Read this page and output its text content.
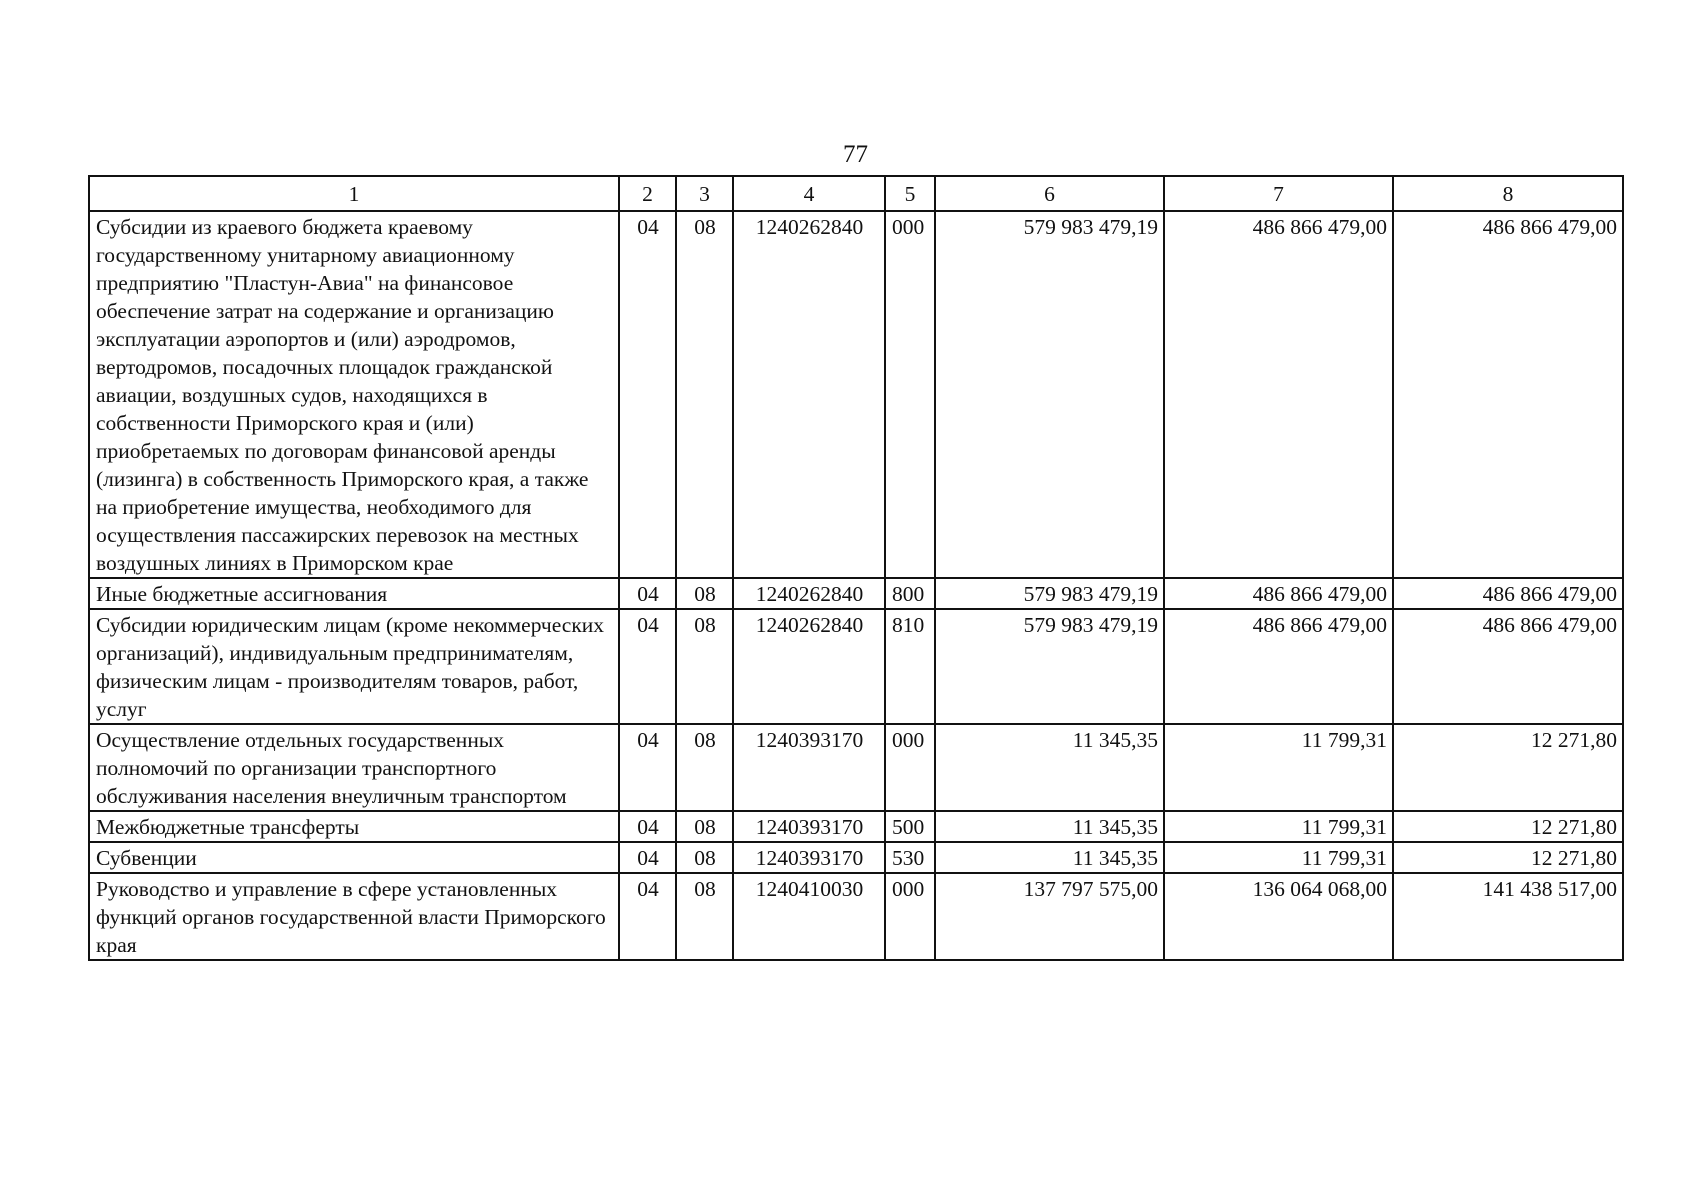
77
1	2	3	4	5	6	7	8
Субсидии из краевого бюджета краевому государственному унитарному авиационному предприятию "Пластун-Авиа" на финансовое обеспечение затрат на содержание и организацию эксплуатации аэропортов и (или) аэродромов, вертодромов, посадочных площадок гражданской авиации, воздушных судов, находящихся в собственности Приморского края и (или) приобретаемых по договорам финансовой аренды (лизинга) в собственность Приморского края, а также на приобретение имущества, необходимого для осуществления пассажирских перевозок на местных воздушных линиях в Приморском крае	04	08	1240262840	000	579 983 479,19	486 866 479,00	486 866 479,00
Иные бюджетные ассигнования	04	08	1240262840	800	579 983 479,19	486 866 479,00	486 866 479,00
Субсидии юридическим лицам (кроме некоммерческих организаций), индивидуальным предпринимателям, физическим лицам - производителям товаров, работ, услуг	04	08	1240262840	810	579 983 479,19	486 866 479,00	486 866 479,00
Осуществление отдельных государственных полномочий по организации транспортного обслуживания населения внеуличным транспортом	04	08	1240393170	000	11 345,35	11 799,31	12 271,80
Межбюджетные трансферты	04	08	1240393170	500	11 345,35	11 799,31	12 271,80
Субвенции	04	08	1240393170	530	11 345,35	11 799,31	12 271,80
Руководство и управление в сфере установленных функций органов государственной власти Приморского края	04	08	1240410030	000	137 797 575,00	136 064 068,00	141 438 517,00
